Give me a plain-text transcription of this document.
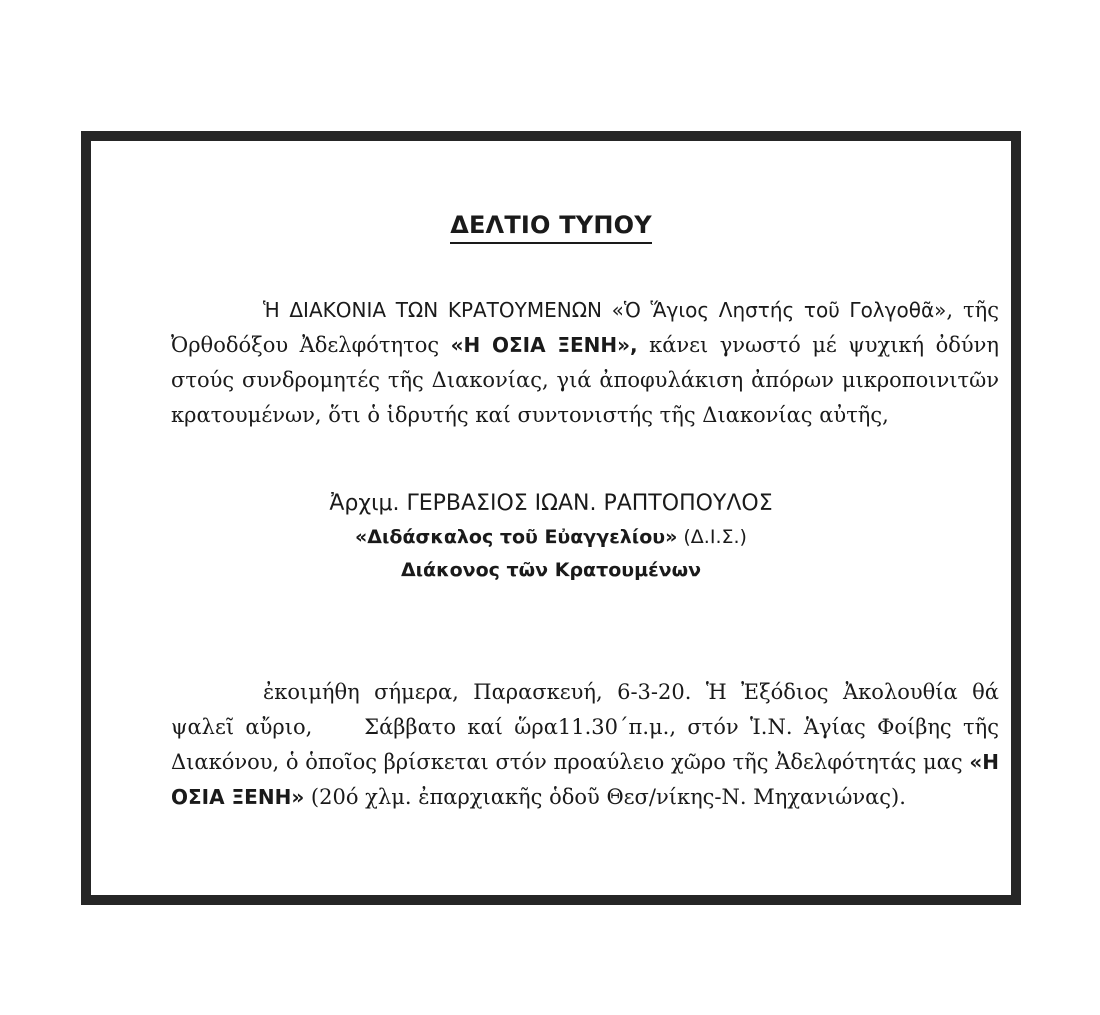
ΔΕΛΤΙΟ ΤΥΠΟΥ
Ἡ ΔΙΑΚΟΝΙΑ ΤΩΝ ΚΡΑΤΟΥΜΕΝΩΝ «Ὁ Ἅγιος Ληστής τοῦ Γολγοθᾶ», τῆς Ὀρθοδόξου Ἀδελφότητος «Η ΟΣΙΑ ΞΕΝΗ», κάνει γνωστό μέ ψυχική ὀδύνη στούς συνδρομητές τῆς Διακονίας, γιά ἀποφυλάκιση ἀπόρων μικροποινιτῶν κρατουμένων, ὅτι ὁ ἱδρυτής καί συντονιστής τῆς Διακονίας αὐτῆς,
Ἀρχιμ. ΓΕΡΒΑΣΙΟΣ ΙΩΑΝ. ΡΑΠΤΟΠΟΥΛΟΣ
«Διδάσκαλος τοῦ Εὐαγγελίου» (Δ.Ι.Σ.)
Διάκονος τῶν Κρατουμένων
ἐκοιμήθη σήμερα, Παρασκευή, 6-3-20. Ἡ Ἐξόδιος Ἀκολουθία θά ψαλεῖ αὔριο, Σάββατο καί ὥρα11.30΄π.μ., στόν Ἱ.Ν. Ἁγίας Φοίβης τῆς Διακόνου, ὁ ὁποῖος βρίσκεται στόν προαύλειο χῶρο τῆς Ἀδελφότητάς μας «Η ΟΣΙΑ ΞΕΝΗ» (20ό χλμ. ἐπαρχιακῆς ὁδοῦ Θεσ/νίκης-Ν. Μηχανιώνας).
